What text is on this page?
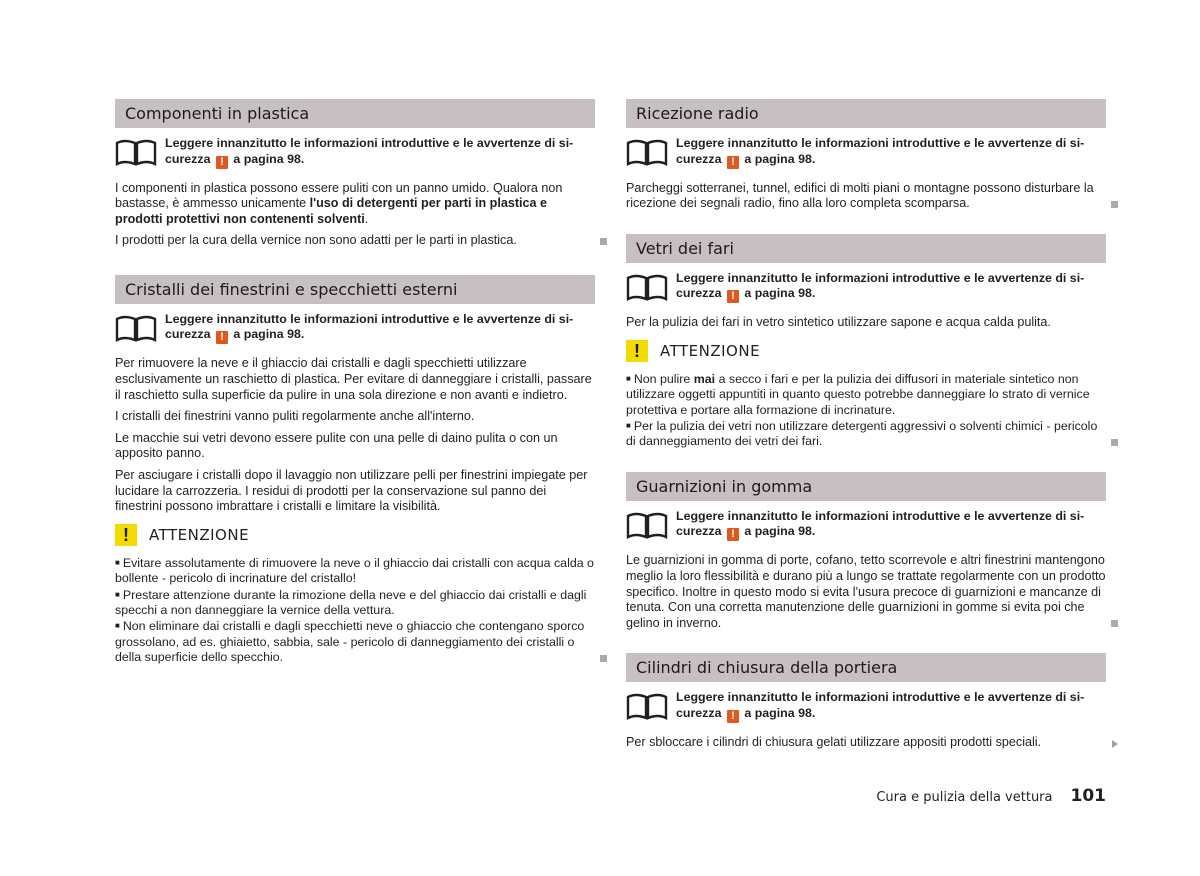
Componenti in plastica
Leggere innanzitutto le informazioni introduttive e le avvertenze di si-
curezza ! a pagina 98.

I componenti in plastica possono essere puliti con un panno umido. Qualora non bastasse, è ammesso unicamente l'uso di detergenti per parti in plastica e prodotti protettivi non contenenti solventi.

I prodotti per la cura della vernice non sono adatti per le parti in plastica.

Cristalli dei finestrini e specchietti esterni
Leggere innanzitutto le informazioni introduttive e le avvertenze di si-
curezza ! a pagina 98.

Per rimuovere la neve e il ghiaccio dai cristalli e dagli specchietti utilizzare esclusivamente un raschietto di plastica. Per evitare di danneggiare i cristalli, passare il raschietto sulla superficie da pulire in una sola direzione e non avanti e indietro.

I cristalli dei finestrini vanno puliti regolarmente anche all'interno.

Le macchie sui vetri devono essere pulite con una pelle di daino pulita o con un apposito panno.

Per asciugare i cristalli dopo il lavaggio non utilizzare pelli per finestrini impiegate per lucidare la carrozzeria. I residui di prodotti per la conservazione sul panno dei finestrini possono imbrattare i cristalli e limitare la visibilità.

!	ATTENZIONE

■ Evitare assolutamente di rimuovere la neve o il ghiaccio dai cristalli con acqua calda o bollente - pericolo di incrinature del cristallo!

■ Prestare attenzione durante la rimozione della neve e del ghiaccio dai cristalli e dagli specchi a non danneggiare la vernice della vettura.

■ Non eliminare dai cristalli e dagli specchietti neve o ghiaccio che contengano sporco grossolano, ad es. ghiaietto, sabbia, sale - pericolo di danneggiamento dei cristalli o della superficie dello specchio.

Ricezione radio
Leggere innanzitutto le informazioni introduttive e le avvertenze di si-
curezza ! a pagina 98.

Parcheggi sotterranei, tunnel, edifici di molti piani o montagne possono disturbare la ricezione dei segnali radio, fino alla loro completa scomparsa.

Vetri dei fari
Leggere innanzitutto le informazioni introduttive e le avvertenze di si-
curezza ! a pagina 98.

Per la pulizia dei fari in vetro sintetico utilizzare sapone e acqua calda pulita.

!	ATTENZIONE

■ Non pulire mai a secco i fari e per la pulizia dei diffusori in materiale sintetico non utilizzare oggetti appuntiti in quanto questo potrebbe danneggiare lo strato di vernice protettiva e portare alla formazione di incrinature.

■ Per la pulizia dei vetri non utilizzare detergenti aggressivi o solventi chimici - pericolo di danneggiamento dei vetri dei fari.

Guarnizioni in gomma
Leggere innanzitutto le informazioni introduttive e le avvertenze di si-
curezza ! a pagina 98.

Le guarnizioni in gomma di porte, cofano, tetto scorrevole e altri finestrini mantengono meglio la loro flessibilità e durano più a lungo se trattate regolarmente con un prodotto specifico. Inoltre in questo modo si evita l'usura precoce di guarnizioni e mancanze di tenuta. Con una corretta manutenzione delle guarnizioni in gomme si evita poi che gelino in inverno.

Cilindri di chiusura della portiera
Leggere innanzitutto le informazioni introduttive e le avvertenze di si-
curezza ! a pagina 98.

Per sbloccare i cilindri di chiusura gelati utilizzare appositi prodotti speciali.

Cura e pulizia della vettura 101
